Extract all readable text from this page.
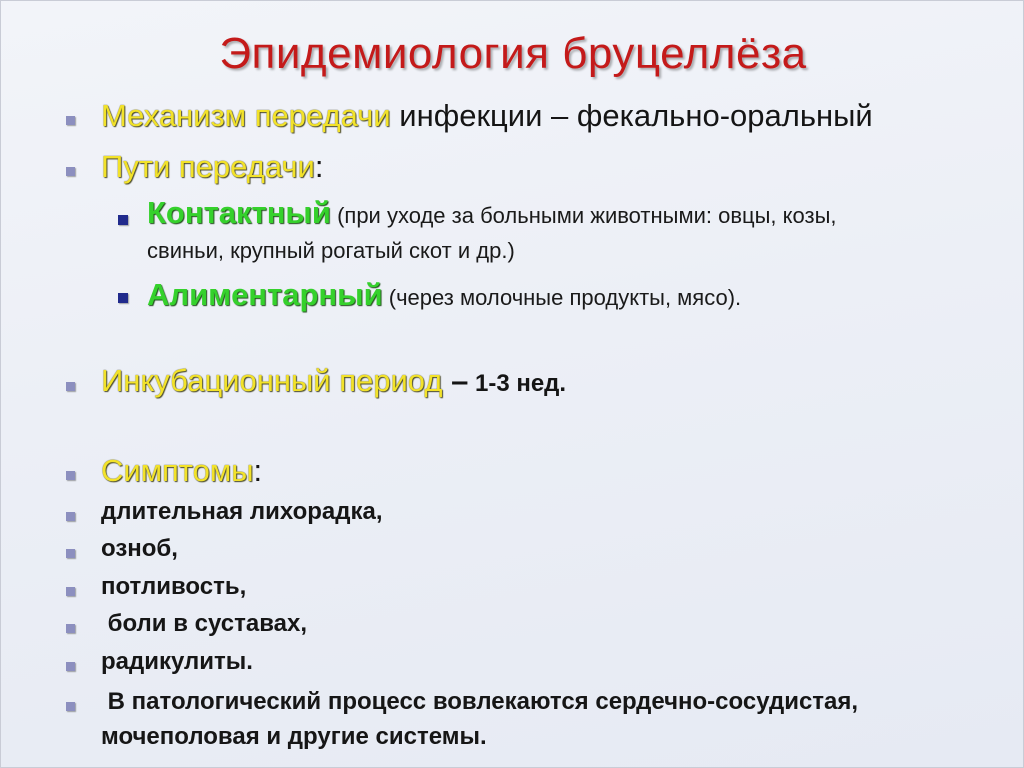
Эпидемиология бруцеллёза
Механизм передачи инфекции – фекально-оральный
Пути передачи:
Контактный (при уходе за больными животными: овцы, козы,
свиньи, крупный рогатый скот и др.)
Алиментарный (через молочные продукты, мясо).
Инкубационный период – 1-3 нед.
Симптомы:
длительная лихорадка,
озноб,
потливость,
боли в суставах,
радикулиты.
В патологический процесс вовлекаются сердечно-сосудистая,
мочеполовая и другие системы.
